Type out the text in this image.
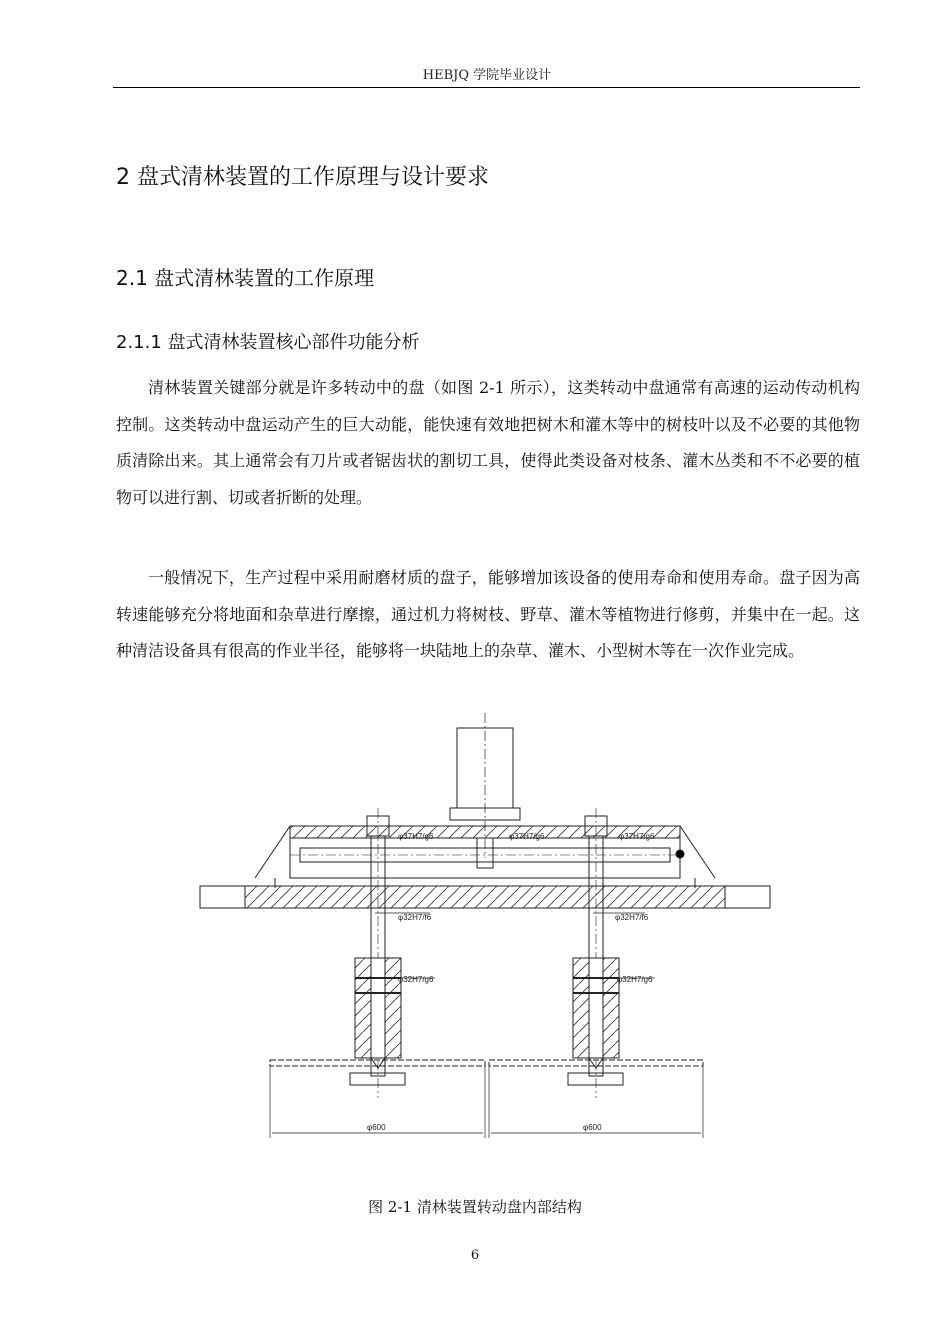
HEBJQ 学院毕业设计
2 盘式清林装置的工作原理与设计要求
2.1 盘式清林装置的工作原理
2.1.1 盘式清林装置核心部件功能分析

清林装置关键部分就是许多转动中的盘（如图 2-1 所示），这类转动中盘通常有高速的运动传动机构控制。这类转动中盘运动产生的巨大动能，能快速有效地把树木和灌木等中的树枝叶以及不必要的其他物质清除出来。其上通常会有刀片或者锯齿状的割切工具，使得此类设备对枝条、灌木丛类和不不必要的植物可以进行割、切或者折断的处理。

一般情况下，生产过程中采用耐磨材质的盘子，能够增加该设备的使用寿命和使用寿命。盘子因为高转速能够充分将地面和杂草进行摩擦，通过机力将树枝、野草、灌木等植物进行修剪，并集中在一起。这种清洁设备具有很高的作业半径，能够将一块陆地上的杂草、灌木、小型树木等在一次作业完成。

φ37H7/g6	φ37H7/g6	φ37H7/g6
φ32H7/f6	φ32H7/f6
φ32H7/g6	φ32H7/g6
φ600	φ600
图 2-1 清林装置转动盘内部结构
6
